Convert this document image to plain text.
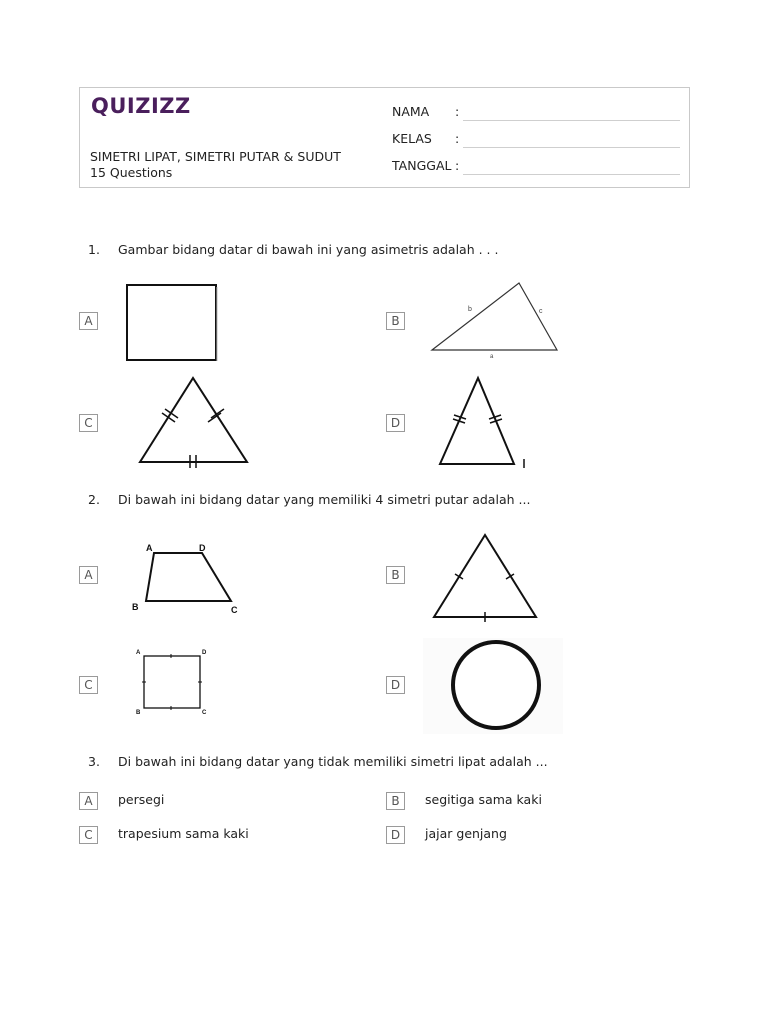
QUIZIZZ
SIMETRI LIPAT, SIMETRI PUTAR & SUDUT
15 Questions
NAMA :
KELAS :
TANGGAL :
1. Gambar bidang datar di bawah ini yang asimetris adalah . . .
A	B
b	c
a
C	D
2. Di bawah ini bidang datar yang memiliki 4 simetri putar adalah ...
A
A	D
B	C
B
C
A	D
B	C
D
3. Di bawah ini bidang datar yang tidak memiliki simetri lipat adalah ...
A	persegi	B	segitiga sama kaki
C	trapesium sama kaki	D	jajar genjang
